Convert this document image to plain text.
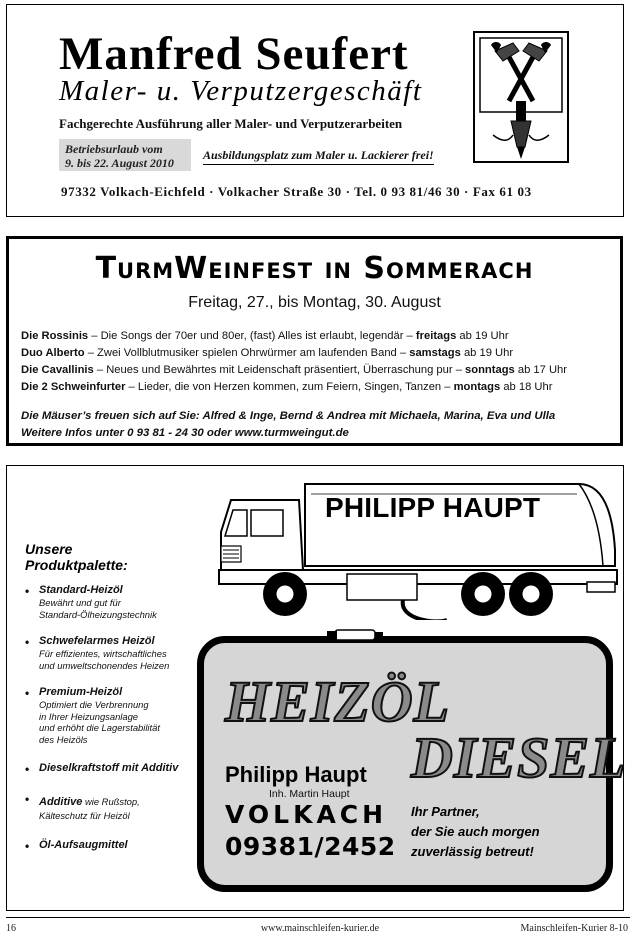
Manfred Seufert
Maler- u. Verputzergeschäft
Fachgerechte Ausführung aller Maler- und Verputzerarbeiten
Betriebsurlaub vom
9. bis 22. August 2010
Ausbildungsplatz zum Maler u. Lackierer frei!
97332 Volkach-Eichfeld · Volkacher Straße 30 · Tel. 0 93 81/46 30 · Fax 61 03
TurmWeinfest in Sommerach
Freitag, 27., bis Montag, 30. August
Die Rossinis – Die Songs der 70er und 80er, (fast) Alles ist erlaubt, legendär – freitags ab 19 Uhr
Duo Alberto – Zwei Vollblutmusiker spielen Ohrwürmer am laufenden Band – samstags ab 19 Uhr
Die Cavallinis – Neues und Bewährtes mit Leidenschaft präsentiert, Überraschung pur – sonntags ab 17 Uhr
Die 2 Schweinfurter – Lieder, die von Herzen kommen, zum Feiern, Singen, Tanzen – montags ab 18 Uhr
Die Mäuser’s freuen sich auf Sie: Alfred & Inge, Bernd & Andrea mit Michaela, Marina, Eva und Ulla
Weitere Infos unter 0 93 81 - 24 30 oder www.turmweingut.de
PHILIPP HAUPT
Unsere
Produktpalette:
• Standard-Heizöl
Bewährt und gut für
Standard-Ölheizungstechnik
• Schwefelarmes Heizöl
Für effizientes, wirtschaftliches
und umweltschonendes Heizen
• Premium-Heizöl
Optimiert die Verbrennung
in Ihrer Heizungsanlage
und erhöht die Lagerstabilität
des Heizöls
• Dieselkraftstoff mit Additiv
• Additive wie Rußstop,
Kälteschutz für Heizöl
• Öl-Aufsaugmittel
HEIZÖL
DIESEL
Philipp Haupt
Inh. Martin Haupt
VOLKACH
09381/2452
Ihr Partner,
der Sie auch morgen
zuverlässig betreut!
16	www.mainschleifen-kurier.de	Mainschleifen-Kurier 8-10
